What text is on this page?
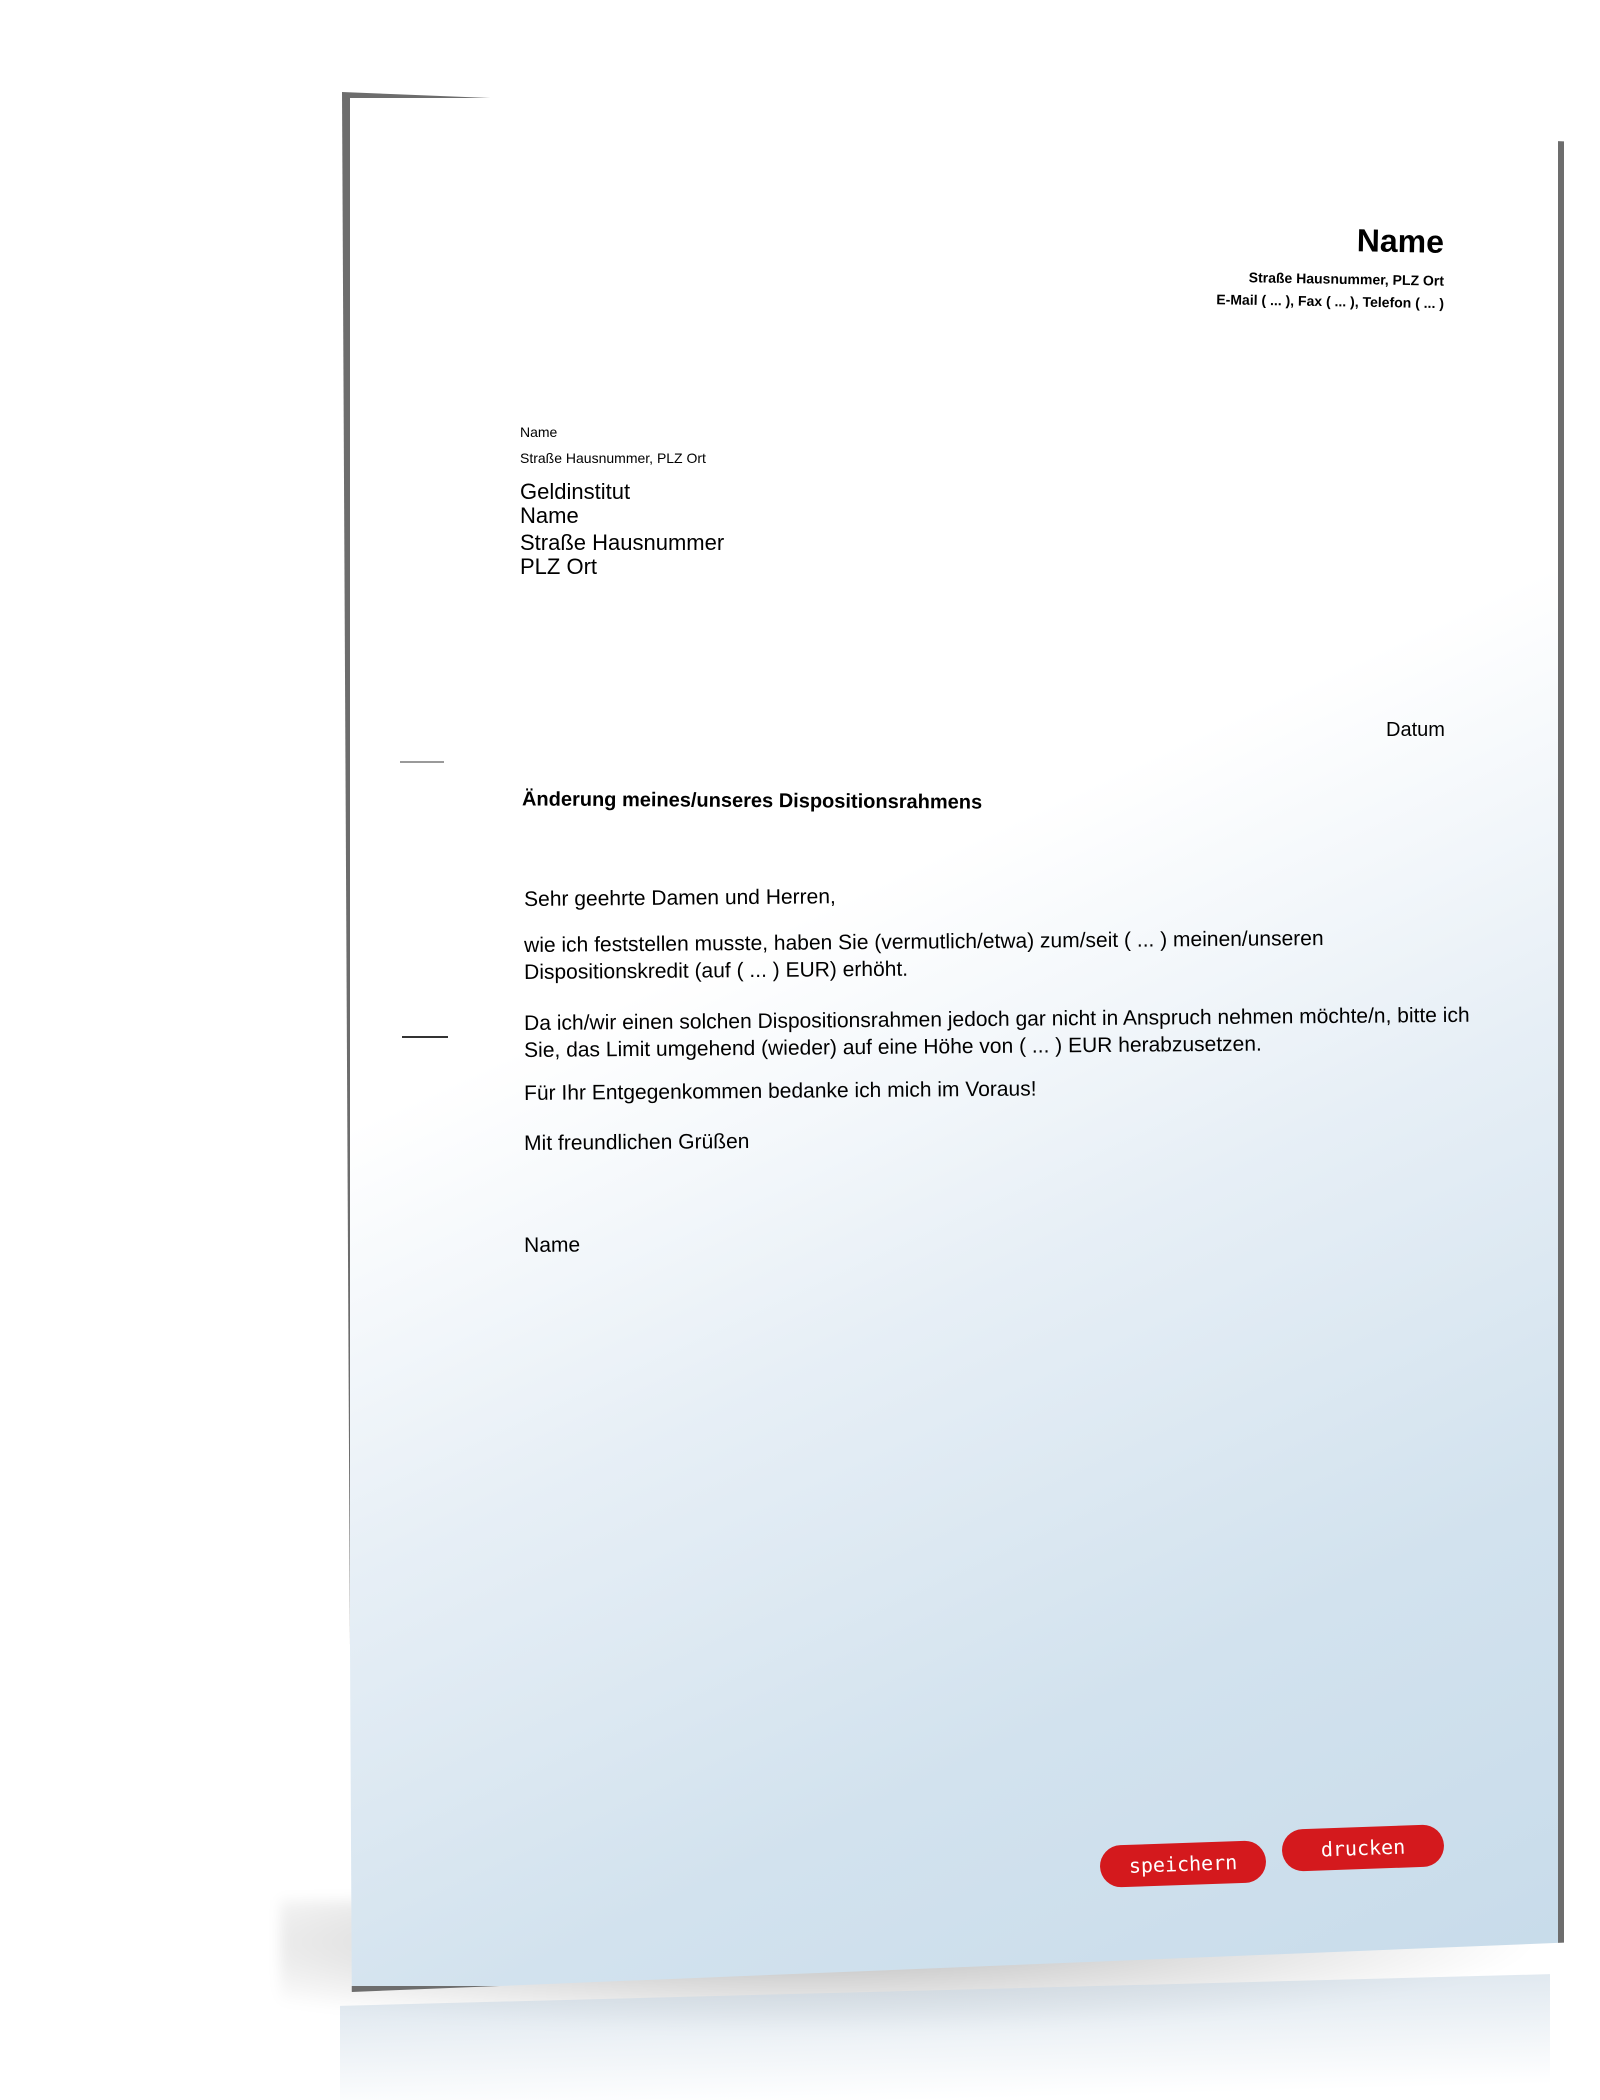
Name

Straße Hausnummer, PLZ Ort

E-Mail ( ... ), Fax ( ... ), Telefon ( ... )

Name

Straße Hausnummer, PLZ Ort

Geldinstitut

Name

Straße Hausnummer

PLZ Ort

Datum

Änderung meines/unseres Dispositionsrahmens

Sehr geehrte Damen und Herren,

wie ich feststellen musste, haben Sie (vermutlich/etwa) zum/seit ( ... ) meinen/unseren

Dispositionskredit (auf ( ... ) EUR) erhöht.

Da ich/wir einen solchen Dispositionsrahmen jedoch gar nicht in Anspruch nehmen möchte/n, bitte ich

Sie, das Limit umgehend (wieder) auf eine Höhe von ( ... ) EUR herabzusetzen.

Für Ihr Entgegenkommen bedanke ich mich im Voraus!

Mit freundlichen Grüßen

Name

speichern
drucken
